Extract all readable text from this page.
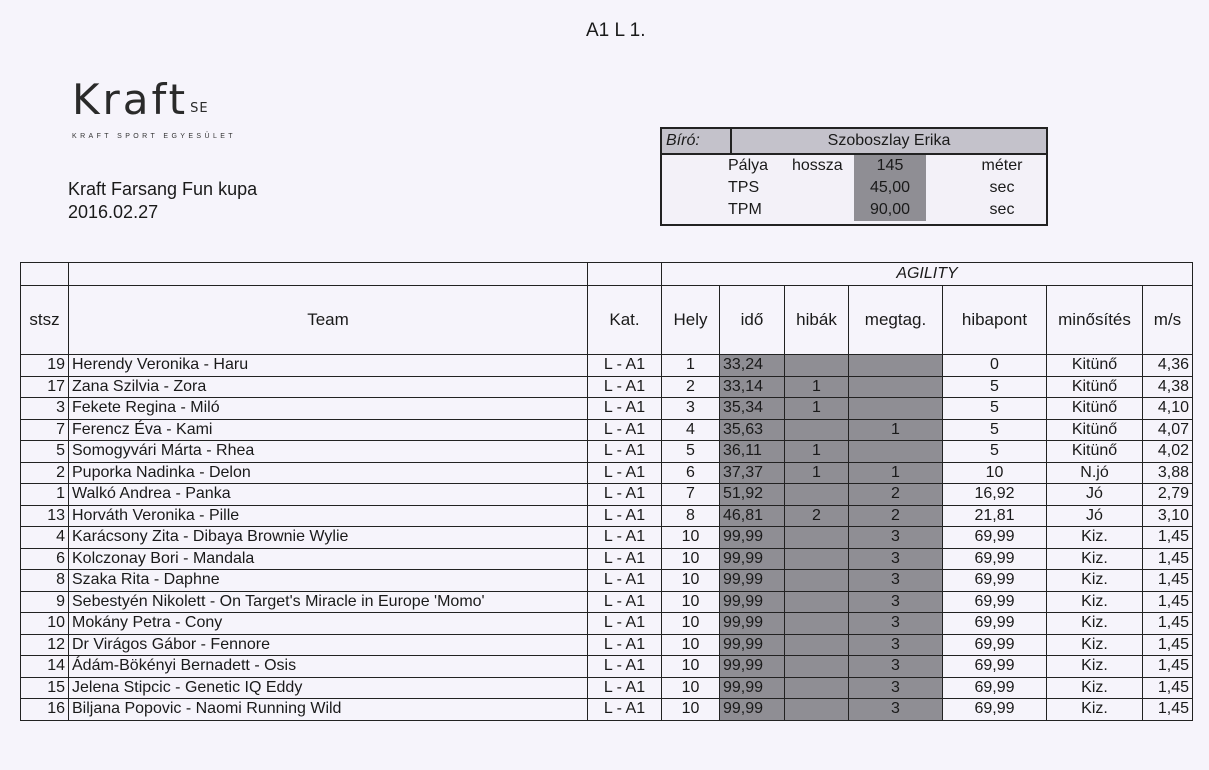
A1 L 1.
Kraft $^{SE}$
KRAFT SPORT EGYESÜLET
Kraft Farsang Fun kupa
2016.02.27
Bíró:	Szoboszlay Erika
Pálya hossza	145	méter
TPS	45,00	sec
TPM	90,00	sec
			AGILITY						
stsz	Team	Kat.	Hely	idő	hibák	megtag.	hibapont	minősítés	m/s
19	Herendy Veronika - Haru	L - A1	1	33,24			0	Kitünő	4,36
17	Zana Szilvia - Zora	L - A1	2	33,14	1		5	Kitünő	4,38
3	Fekete Regina - Miló	L - A1	3	35,34	1		5	Kitünő	4,10
7	Ferencz Éva - Kami	L - A1	4	35,63		1	5	Kitünő	4,07
5	Somogyvári Márta - Rhea	L - A1	5	36,11	1		5	Kitünő	4,02
2	Puporka Nadinka - Delon	L - A1	6	37,37	1	1	10	N.jó	3,88
1	Walkó Andrea - Panka	L - A1	7	51,92		2	16,92	Jó	2,79
13	Horváth Veronika - Pille	L - A1	8	46,81	2	2	21,81	Jó	3,10
4	Karácsony Zita - Dibaya Brownie Wylie	L - A1	10	99,99		3	69,99	Kiz.	1,45
6	Kolczonay Bori - Mandala	L - A1	10	99,99		3	69,99	Kiz.	1,45
8	Szaka Rita - Daphne	L - A1	10	99,99		3	69,99	Kiz.	1,45
9	Sebestyén Nikolett - On Target's Miracle in Europe 'Momo'	L - A1	10	99,99		3	69,99	Kiz.	1,45
10	Mokány Petra - Cony	L - A1	10	99,99		3	69,99	Kiz.	1,45
12	Dr Virágos Gábor - Fennore	L - A1	10	99,99		3	69,99	Kiz.	1,45
14	Ádám-Bökényi Bernadett - Osis	L - A1	10	99,99		3	69,99	Kiz.	1,45
15	Jelena Stipcic - Genetic IQ Eddy	L - A1	10	99,99		3	69,99	Kiz.	1,45
16	Biljana Popovic - Naomi Running Wild	L - A1	10	99,99		3	69,99	Kiz.	1,45
